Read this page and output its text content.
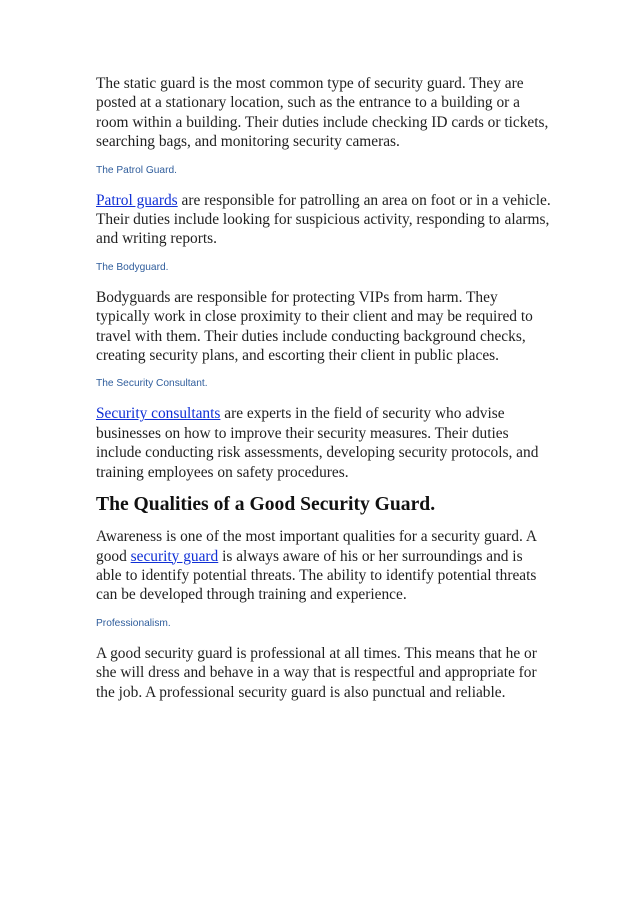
The static guard is the most common type of security guard. They are posted at a stationary location, such as the entrance to a building or a room within a building. Their duties include checking ID cards or tickets, searching bags, and monitoring security cameras.

The Patrol Guard.

Patrol guards are responsible for patrolling an area on foot or in a vehicle. Their duties include looking for suspicious activity, responding to alarms, and writing reports.

The Bodyguard.

Bodyguards are responsible for protecting VIPs from harm. They typically work in close proximity to their client and may be required to travel with them. Their duties include conducting background checks, creating security plans, and escorting their client in public places.

The Security Consultant.

Security consultants are experts in the field of security who advise businesses on how to improve their security measures. Their duties include conducting risk assessments, developing security protocols, and training employees on safety procedures.

The Qualities of a Good Security Guard.

Awareness is one of the most important qualities for a security guard. A good security guard is always aware of his or her surroundings and is able to identify potential threats. The ability to identify potential threats can be developed through training and experience.

Professionalism.

A good security guard is professional at all times. This means that he or she will dress and behave in a way that is respectful and appropriate for the job. A professional security guard is also punctual and reliable.
